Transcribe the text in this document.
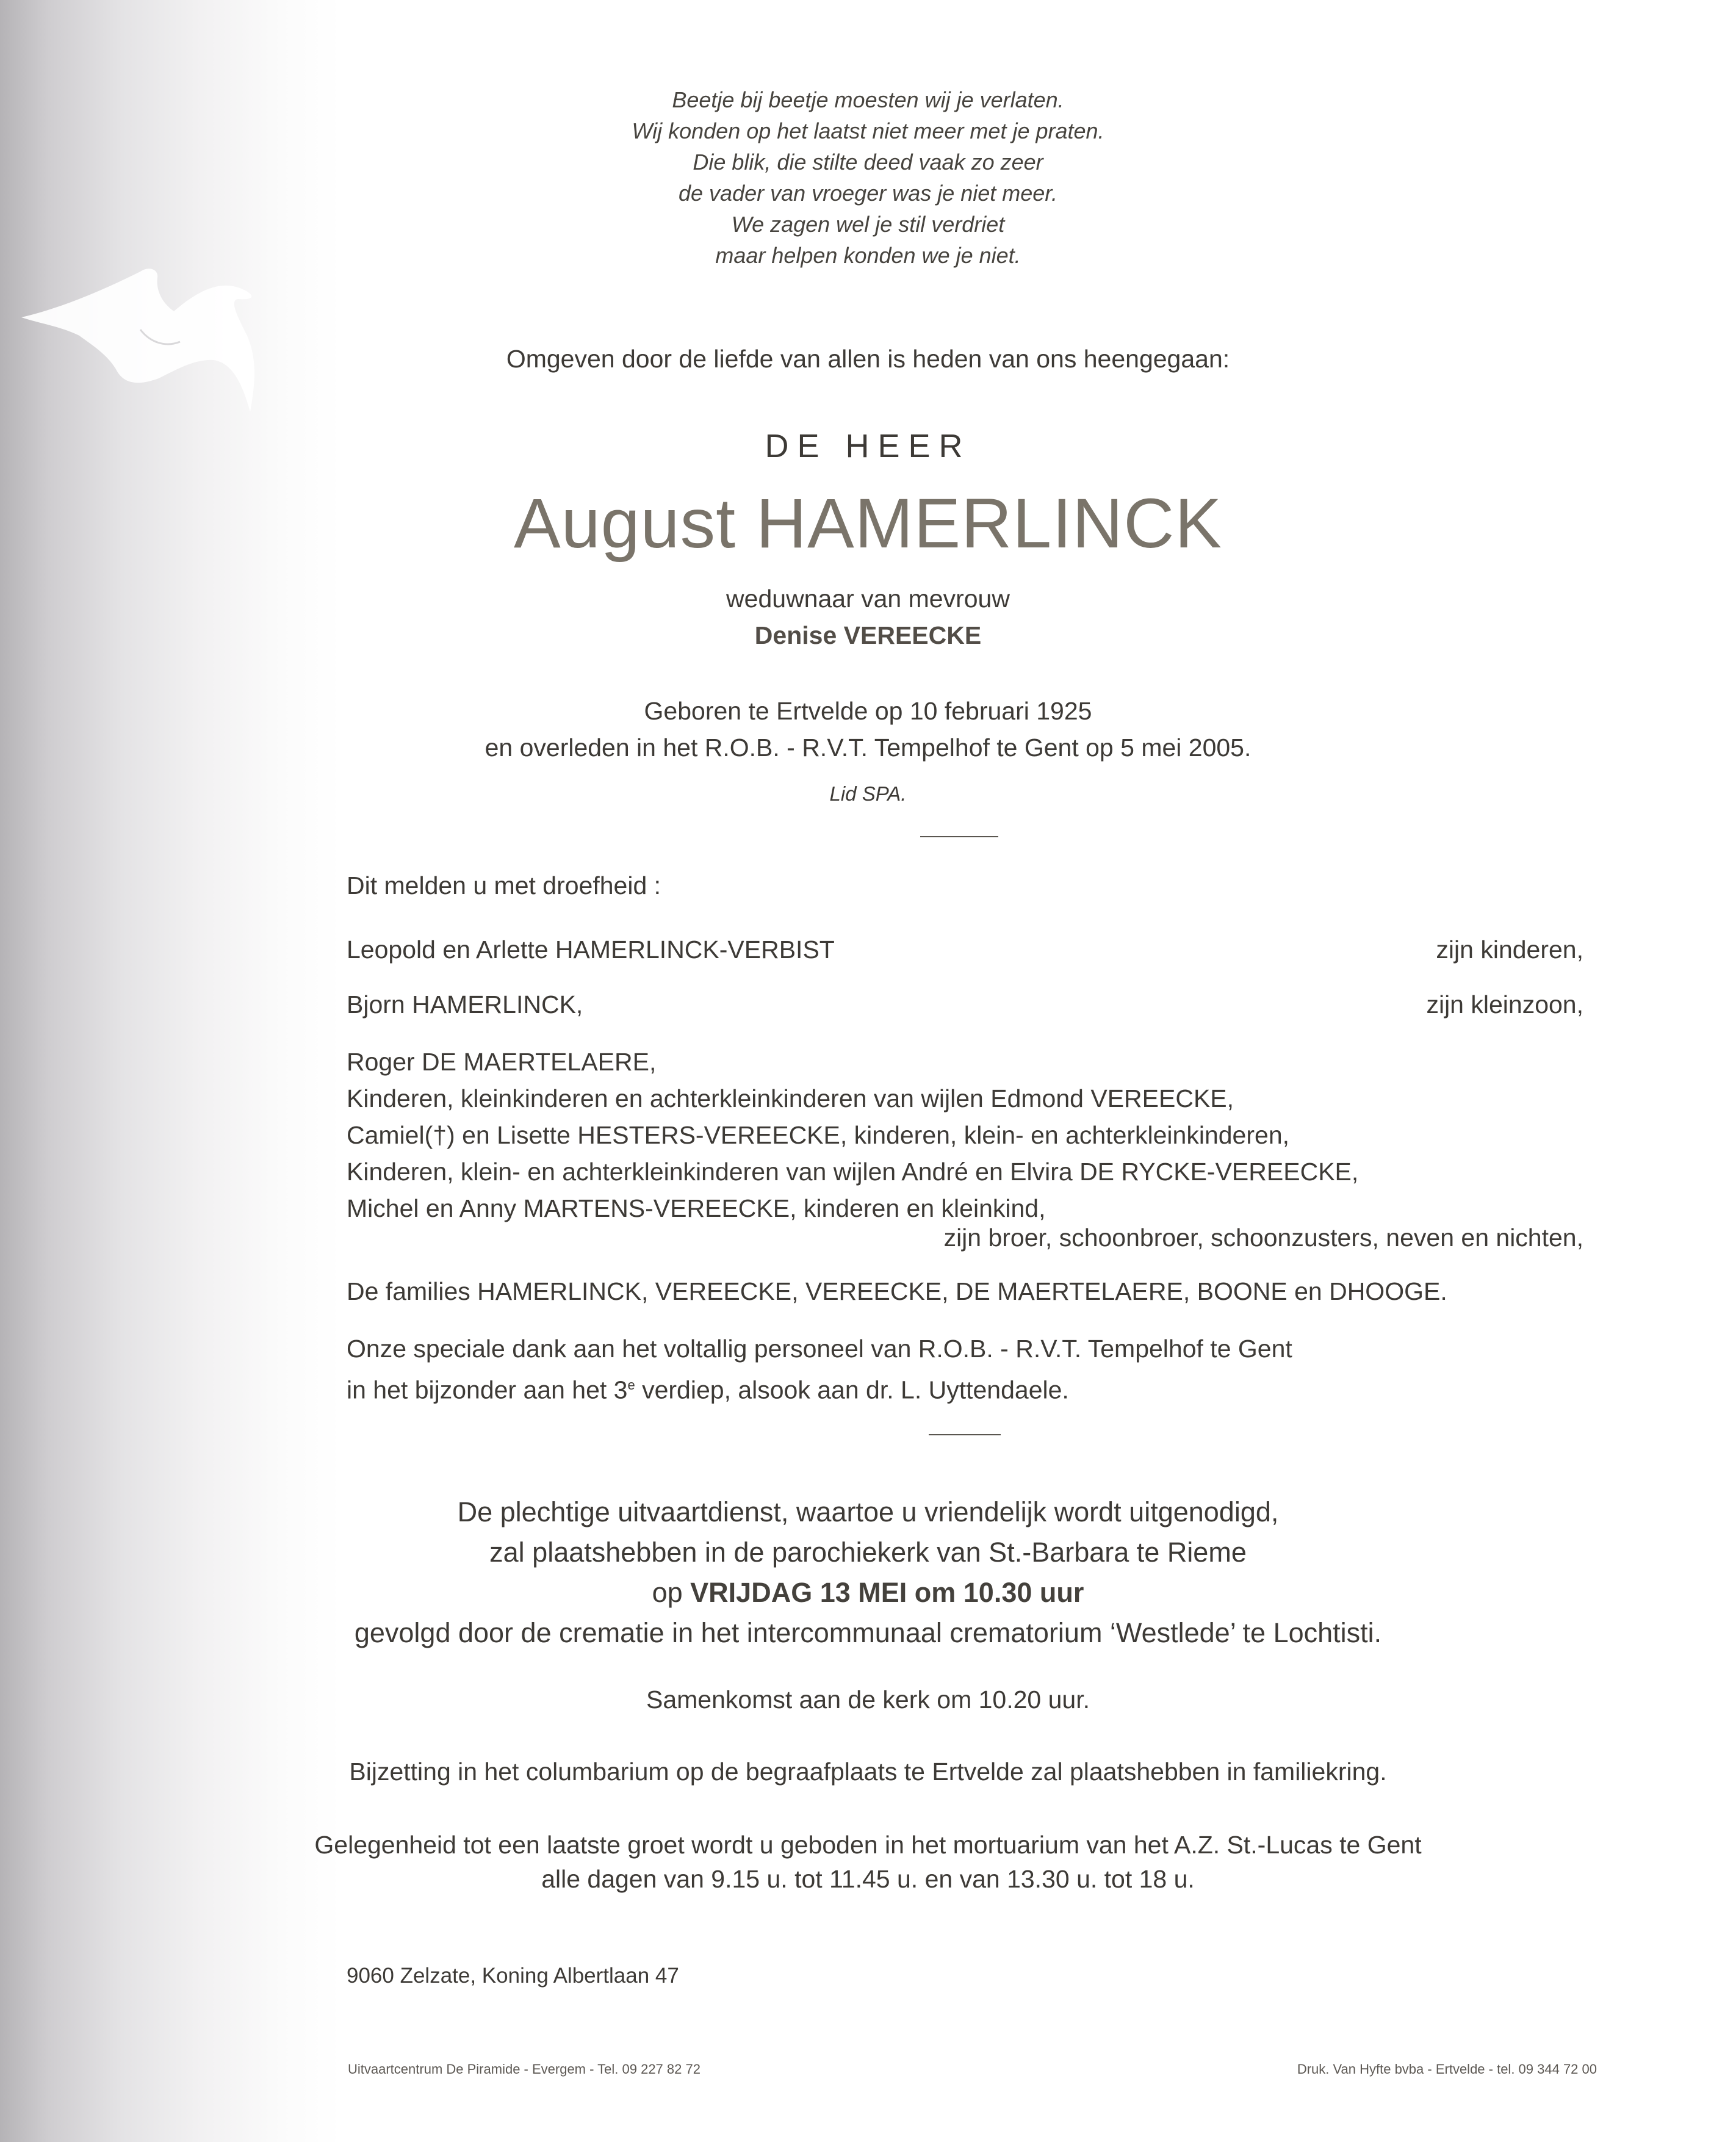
Beetje bij beetje moesten wij je verlaten.
Wij konden op het laatst niet meer met je praten.
Die blik, die stilte deed vaak zo zeer
de vader van vroeger was je niet meer.
We zagen wel je stil verdriet
maar helpen konden we je niet.
Omgeven door de liefde van allen is heden van ons heengegaan:
DE HEER
August HAMERLINCK
weduwnaar van mevrouw
Denise VEREECKE
Geboren te Ertvelde op 10 februari 1925
en overleden in het R.O.B. - R.V.T. Tempelhof te Gent op 5 mei 2005.
Lid SPA.
Dit melden u met droefheid :
Leopold en Arlette HAMERLINCK-VERBIST	zijn kinderen,
Bjorn HAMERLINCK,	zijn kleinzoon,
Roger DE MAERTELAERE,
Kinderen, kleinkinderen en achterkleinkinderen van wijlen Edmond VEREECKE,
Camiel(†) en Lisette HESTERS-VEREECKE, kinderen, klein- en achterkleinkinderen,
Kinderen, klein- en achterkleinkinderen van wijlen André en Elvira DE RYCKE-VEREECKE,
Michel en Anny MARTENS-VEREECKE, kinderen en kleinkind,
zijn broer, schoonbroer, schoonzusters, neven en nichten,
De families HAMERLINCK, VEREECKE, VEREECKE, DE MAERTELAERE, BOONE en DHOOGE.
Onze speciale dank aan het voltallig personeel van R.O.B. - R.V.T. Tempelhof te Gent
in het bijzonder aan het 3e verdiep, alsook aan dr. L. Uyttendaele.
De plechtige uitvaartdienst, waartoe u vriendelijk wordt uitgenodigd,
zal plaatshebben in de parochiekerk van St.-Barbara te Rieme
op VRIJDAG 13 MEI om 10.30 uur
gevolgd door de crematie in het intercommunaal crematorium ‘Westlede’ te Lochtisti.
Samenkomst aan de kerk om 10.20 uur.
Bijzetting in het columbarium op de begraafplaats te Ertvelde zal plaatshebben in familiekring.
Gelegenheid tot een laatste groet wordt u geboden in het mortuarium van het A.Z. St.-Lucas te Gent
alle dagen van 9.15 u. tot 11.45 u. en van 13.30 u. tot 18 u.
9060 Zelzate, Koning Albertlaan 47
Uitvaartcentrum De Piramide - Evergem - Tel. 09 227 82 72	Druk. Van Hyfte bvba - Ertvelde - tel. 09 344 72 00
